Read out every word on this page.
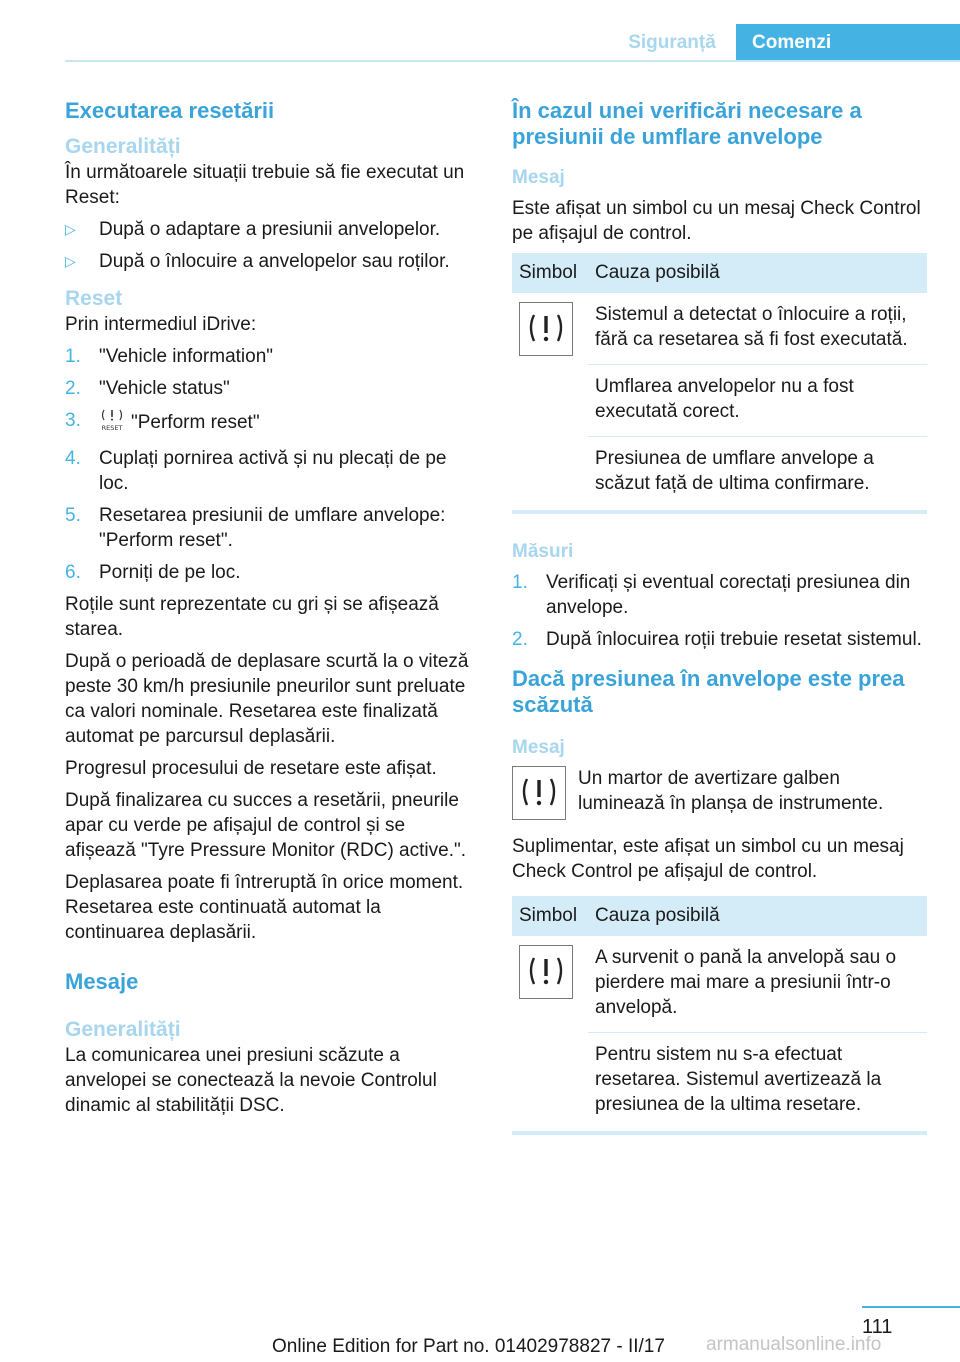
Siguranță	Comenzi
Executarea resetării
Generalități

În următoarele situații trebuie să fie executat un Reset:

▷ După o adaptare a presiunii anvelopelor.
▷ După o înlocuire a anvelopelor sau roților.
Reset

Prin intermediul iDrive:

1. "Vehicle information"
2. "Vehicle status"
3.	RESET "Perform reset"
4. Cuplați pornirea activă și nu plecați de pe loc.
5. Resetarea presiunii de umflare anvelope: "Perform reset".
6. Porniți de pe loc.

Roțile sunt reprezentate cu gri și se afișează starea.

După o perioadă de deplasare scurtă la o viteză peste 30 km/h presiunile pneurilor sunt preluate ca valori nominale. Resetarea este finalizată automat pe parcursul deplasării.

Progresul procesului de resetare este afișat.

După finalizarea cu succes a resetării, pneurile apar cu verde pe afișajul de control și se afișează "Tyre Pressure Monitor (RDC) active.".

Deplasarea poate fi întreruptă în orice moment. Resetarea este continuată automat la continuarea deplasării.

Mesaje
Generalități

La comunicarea unei presiuni scăzute a anvelopei se conectează la nevoie Controlul dinamic al stabilității DSC.

În cazul unei verificări necesare a presiunii de umflare anvelope
Mesaj

Este afișat un simbol cu un mesaj Check Control pe afișajul de control.

Simbol	Cauza posibilă

	Sistemul a detectat o înlocuire a roții, fără ca resetarea să fi fost executată.
	Umflarea anvelopelor nu a fost executată corect.
	Presiunea de umflare anvelope a scăzut față de ultima confirmare.
Măsuri
1. Verificați și eventual corectați presiunea din anvelope.
2. După înlocuirea roții trebuie resetat sistemul.
Dacă presiunea în anvelope este prea scăzută
Mesaj

Un martor de avertizare galben luminează în planșa de instrumente.

Suplimentar, este afișat un simbol cu un mesaj Check Control pe afișajul de control.

Simbol	Cauza posibilă

	A survenit o pană la anvelopă sau o pierdere mai mare a presiunii într-o anvelopă.
	Pentru sistem nu s-a efectuat resetarea. Sistemul avertizează la presiunea de la ultima resetare.
111
Online Edition for Part no. 01402978827 - II/17 armanualsonline.info
